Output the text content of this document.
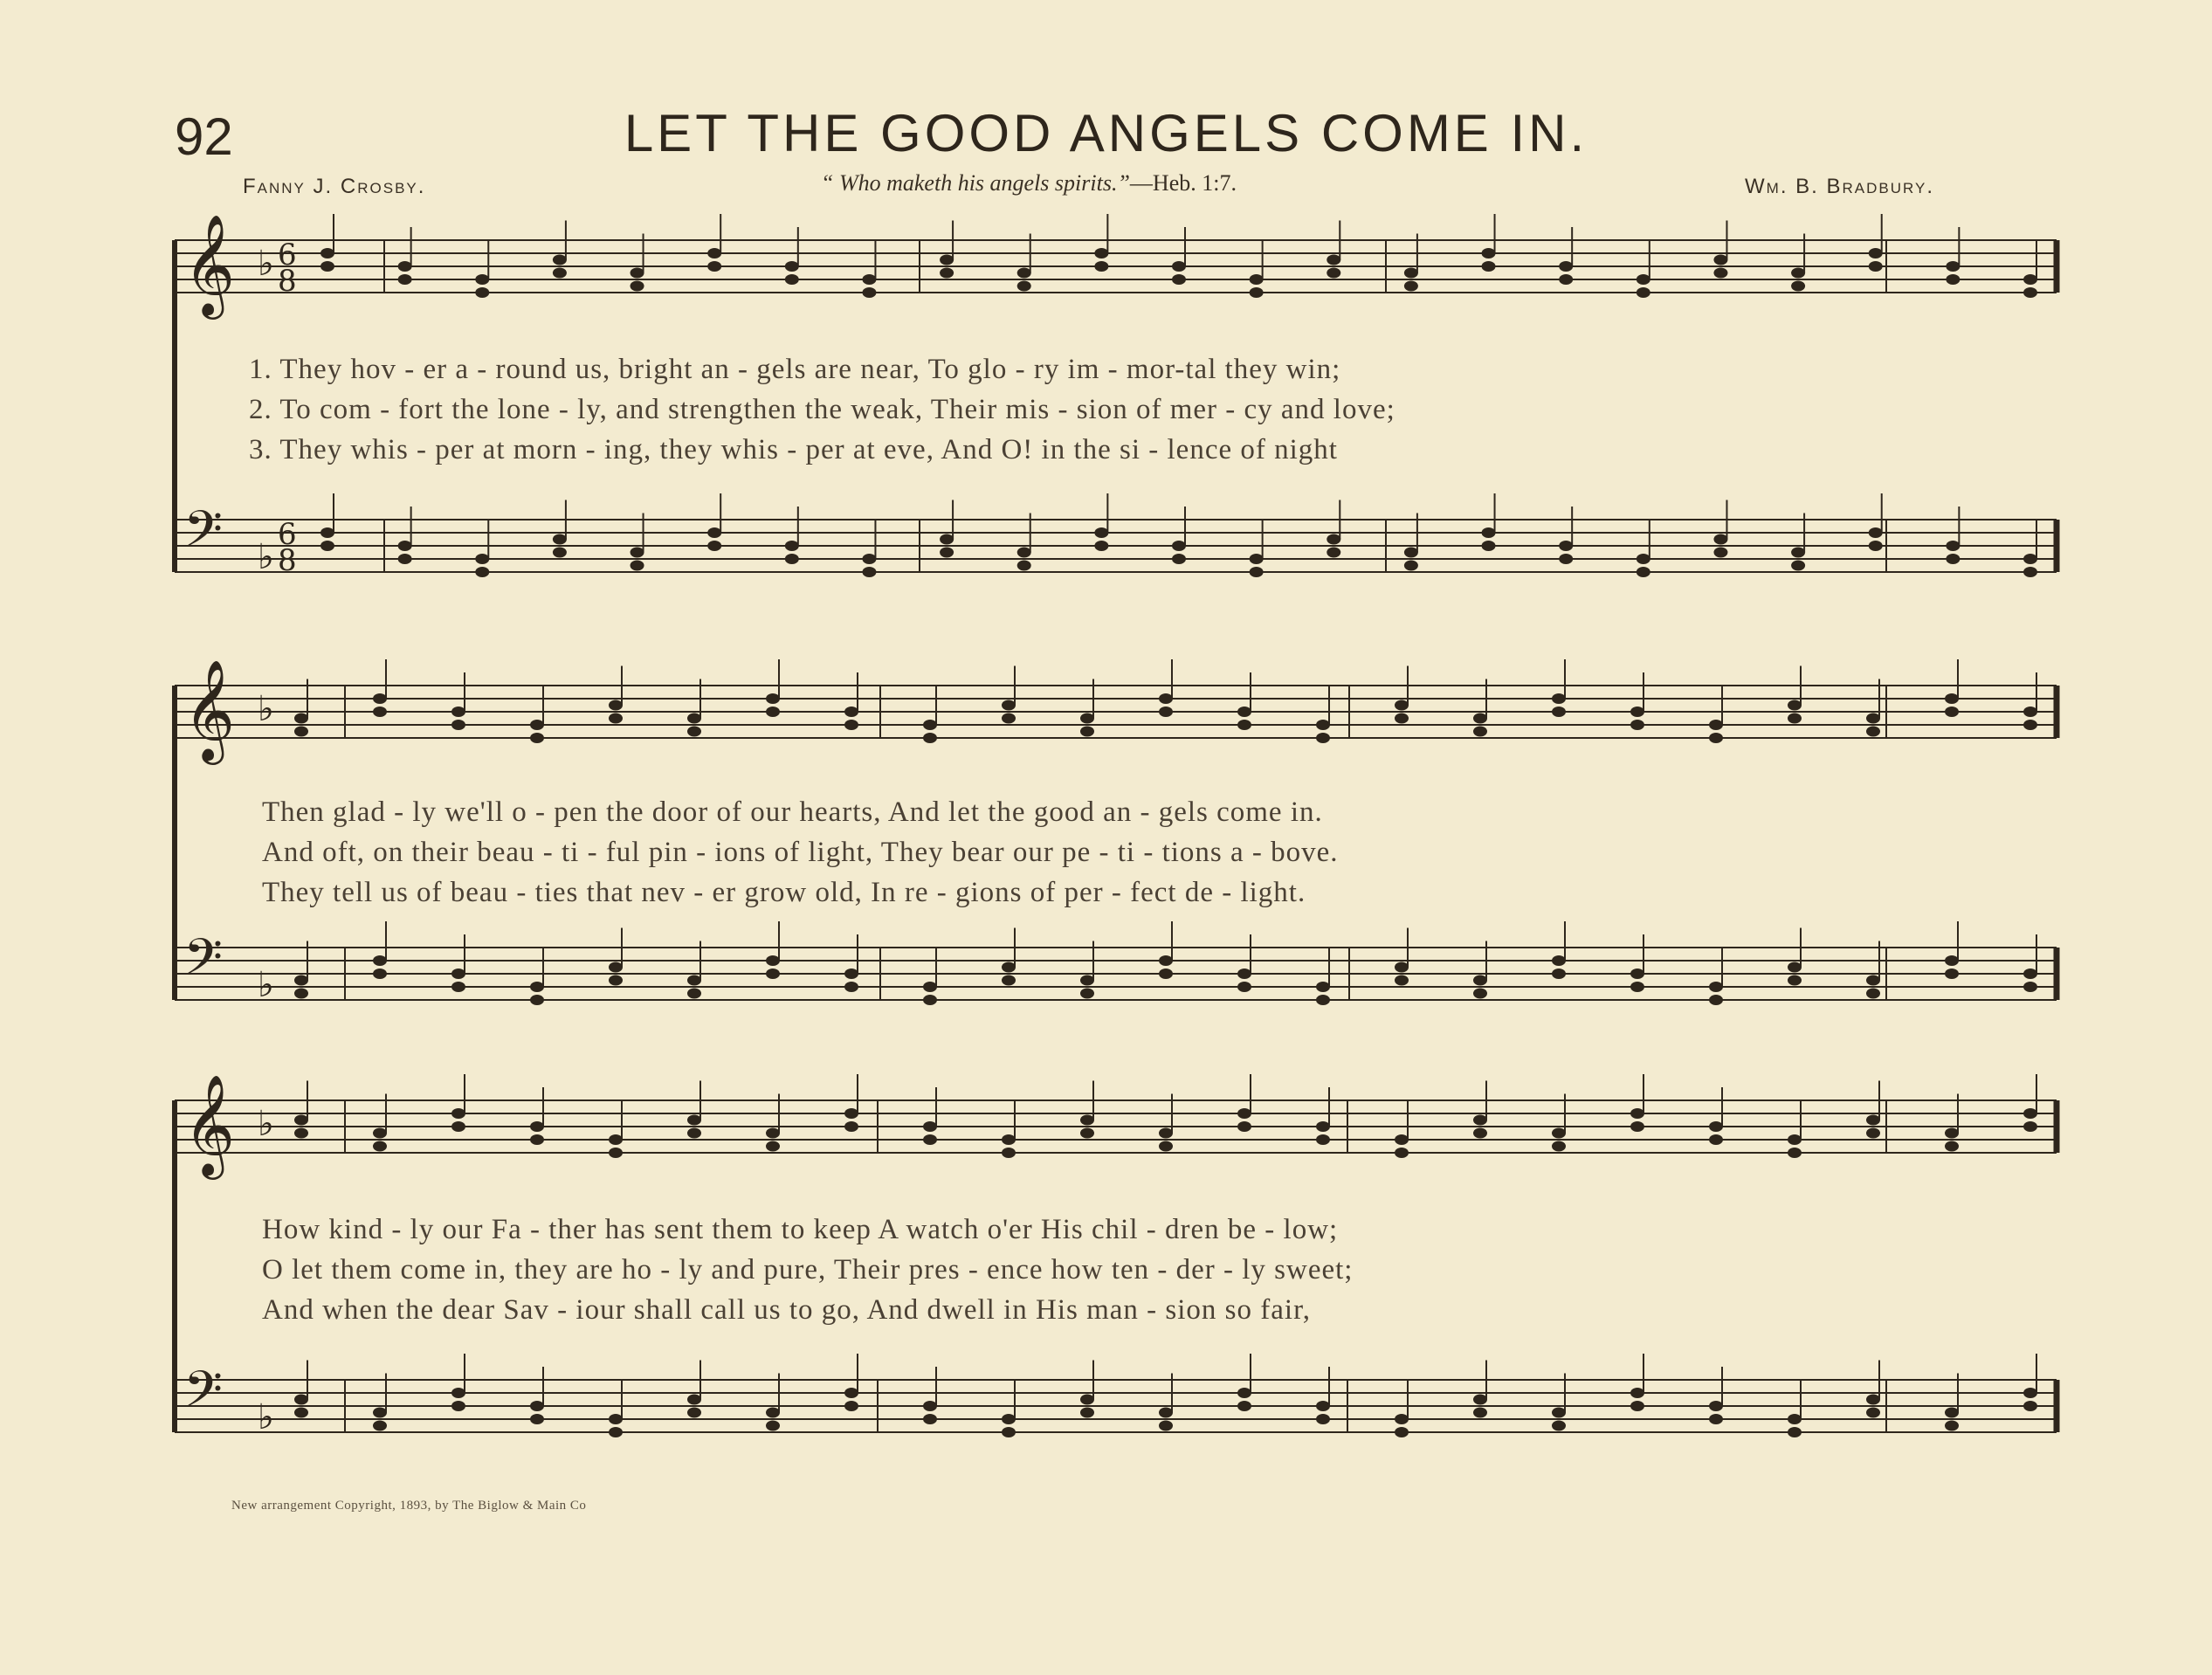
92	LET THE GOOD ANGELS COME IN.
Fanny J. Crosby.	“ Who maketh his angels spirits.”—Heb. 1:7.	Wm. B. Bradbury.
𝄞 ♭ 6
8
𝄢 ♭
6
8
𝄞 ♭
𝄢 ♭
𝄞 ♭
𝄢 ♭
1. They hov - er a - round us, bright an - gels are near, To glo - ry im - mor-tal they win;
2. To com - fort the lone - ly, and strengthen the weak, Their mis - sion of mer - cy and love;
3. They whis - per at morn - ing, they whis - per at eve, And O! in the si - lence of night
Then glad - ly we'll o - pen the door of our hearts, And let the good an - gels come in.
And oft, on their beau - ti - ful pin - ions of light, They bear our pe - ti - tions a - bove.
They tell us of beau - ties that nev - er grow old, In re - gions of per - fect de - light.
How kind - ly our Fa - ther has sent them to keep A watch o'er His chil - dren be - low;
O let them come in, they are ho - ly and pure, Their pres - ence how ten - der - ly sweet;
And when the dear Sav - iour shall call us to go, And dwell in His man - sion so fair,
New arrangement Copyright, 1893, by The Biglow & Main Co
